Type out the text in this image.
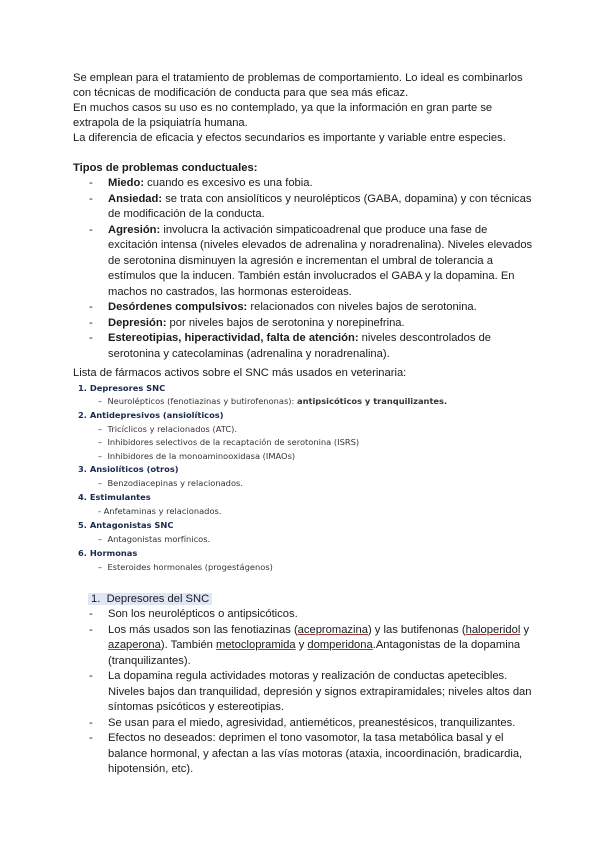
Se emplean para el tratamiento de problemas de comportamiento. Lo ideal es combinarlos
con técnicas de modificación de conducta para que sea más eficaz.
En muchos casos su uso es no contemplado, ya que la información en gran parte se
extrapola de la psiquiatría humana.
La diferencia de eficacia y efectos secundarios es importante y variable entre especies.
Tipos de problemas conductuales:
- Miedo: cuando es excesivo es una fobia.
- Ansiedad: se trata con ansiolíticos y neurolépticos (GABA, dopamina) y con técnicas de modificación de la conducta.
- Agresión: involucra la activación simpaticoadrenal que produce una fase de excitación intensa (niveles elevados de adrenalina y noradrenalina). Niveles elevados de serotonina disminuyen la agresión e incrementan el umbral de tolerancia a estímulos que la inducen. También están involucrados el GABA y la dopamina. En machos no castrados, las hormonas esteroideas.
- Desórdenes compulsivos: relacionados con niveles bajos de serotonina.
- Depresión: por niveles bajos de serotonina y norepinefrina.
- Estereotipias, hiperactividad, falta de atención: niveles descontrolados de serotonina y catecolaminas (adrenalina y noradrenalina).
Lista de fármacos activos sobre el SNC más usados en veterinaria:
1. Depresores SNC
– Neurolépticos (fenotiazinas y butirofenonas): antipsicóticos y tranquilizantes.
2. Antidepresivos (ansiolíticos)
– Tricíclicos y relacionados (ATC).
– Inhibidores selectivos de la recaptación de serotonina (ISRS)
– Inhibidores de la monoaminooxidasa (IMAOs)
3. Ansiolíticos (otros)
– Benzodiacepinas y relacionados.
4. Estimulantes
- Anfetaminas y relacionados.
5. Antagonistas SNC
– Antagonistas morfínicos.
6. Hormonas
– Esteroides hormonales (progestágenos)
1. Depresores del SNC
- Son los neurolépticos o antipsicóticos.
- Los más usados son las fenotiazinas (acepromazina) y las butifenonas (haloperidol y azaperona). También metoclopramida y domperidona.Antagonistas de la dopamina (tranquilizantes).
- La dopamina regula actividades motoras y realización de conductas apetecibles. Niveles bajos dan tranquilidad, depresión y signos extrapiramidales; niveles altos dan síntomas psicóticos y estereotipias.
- Se usan para el miedo, agresividad, antieméticos, preanestésicos, tranquilizantes.
- Efectos no deseados: deprimen el tono vasomotor, la tasa metabólica basal y el balance hormonal, y afectan a las vías motoras (ataxia, incoordinación, bradicardia, hipotensión, etc).
